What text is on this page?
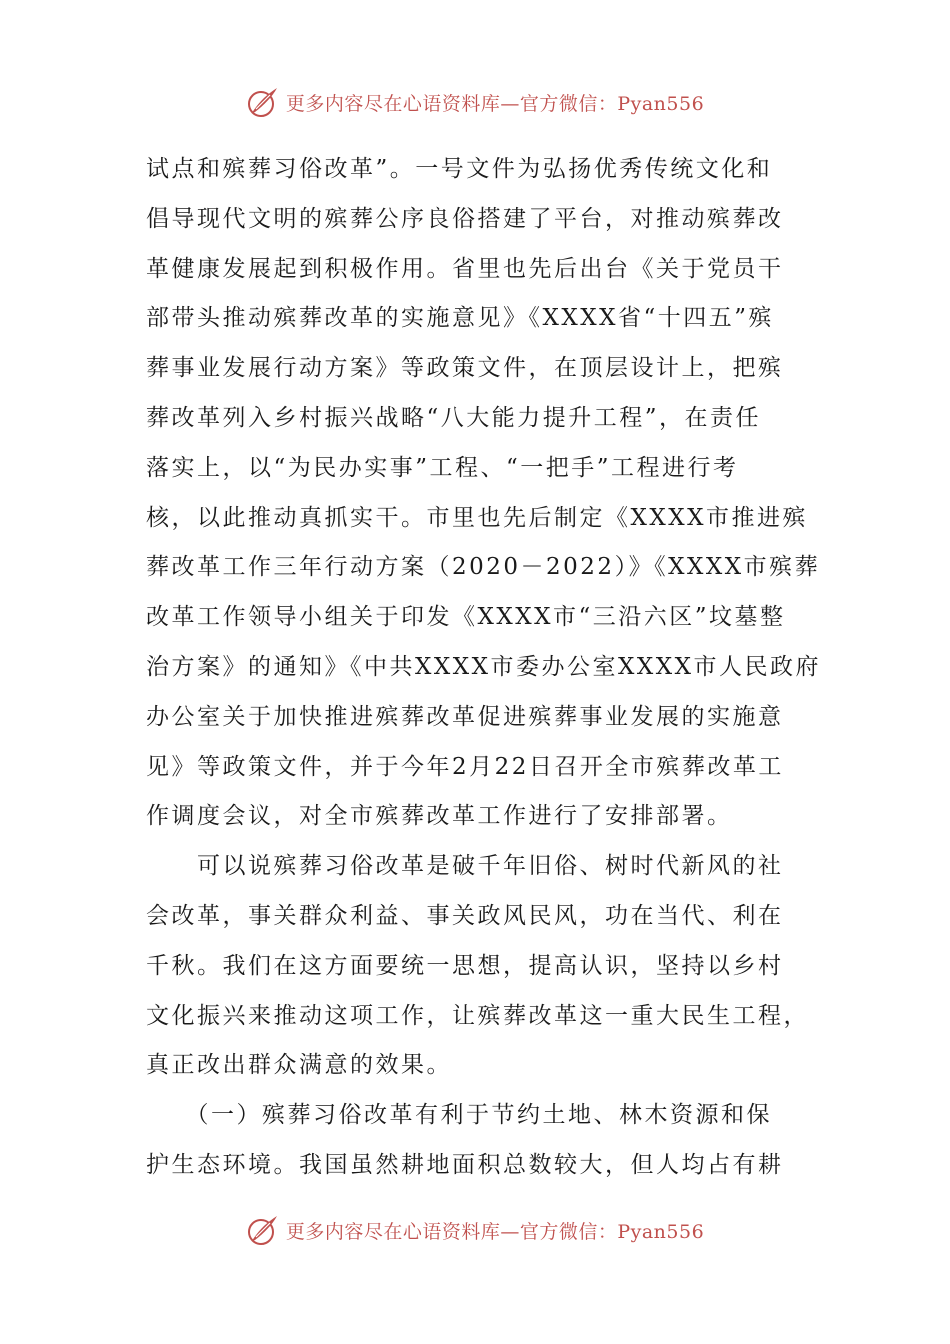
更多内容尽在心语资料库—官方微信：Pyan556
试点和殡葬习俗改革”。一号文件为弘扬优秀传统文化和
倡导现代文明的殡葬公序良俗搭建了平台，对推动殡葬改
革健康发展起到积极作用。省里也先后出台《关于党员干
部带头推动殡葬改革的实施意见》《XXXX省“十四五”殡
葬事业发展行动方案》等政策文件，在顶层设计上，把殡
葬改革列入乡村振兴战略“八大能力提升工程”，在责任
落实上，以“为民办实事”工程、“一把手”工程进行考
核，以此推动真抓实干。市里也先后制定《XXXX市推进殡
葬改革工作三年行动方案（2020－2022）》《XXXX市殡葬
改革工作领导小组关于印发《XXXX市“三沿六区”坟墓整
治方案》的通知》《中共XXXX市委办公室XXXX市人民政府
办公室关于加快推进殡葬改革促进殡葬事业发展的实施意
见》等政策文件，并于今年2月22日召开全市殡葬改革工
作调度会议，对全市殡葬改革工作进行了安排部署。
　　可以说殡葬习俗改革是破千年旧俗、树时代新风的社
会改革，事关群众利益、事关政风民风，功在当代、利在
千秋。我们在这方面要统一思想，提高认识，坚持以乡村
文化振兴来推动这项工作，让殡葬改革这一重大民生工程，
真正改出群众满意的效果。
　　（一）殡葬习俗改革有利于节约土地、林木资源和保
护生态环境。我国虽然耕地面积总数较大，但人均占有耕
更多内容尽在心语资料库—官方微信：Pyan556
